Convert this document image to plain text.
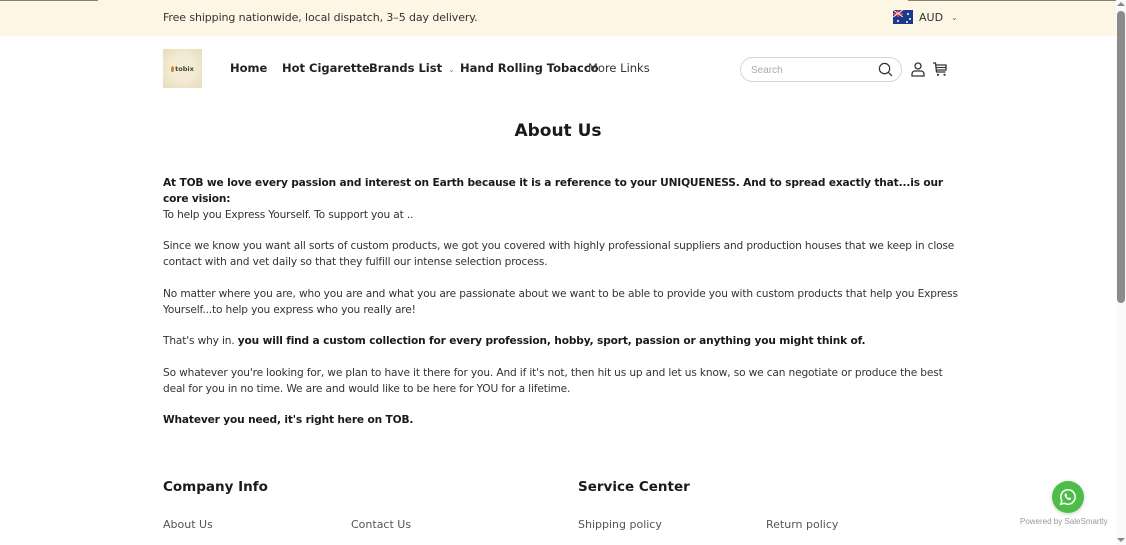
Free shipping nationwide, local dispatch, 3–5 day delivery.	AUD ⌄
tobix	Home Hot Cigarette Brands List ⌄ Hand Rolling Tobacco
More Links
Search
About Us

At TOB we love every passion and interest on Earth because it is a reference to your UNIQUENESS. And to spread exactly that...is our core vision:

To help you Express Yourself. To support you at ..

Since we know you want all sorts of custom products, we got you covered with highly professional suppliers and production houses that we keep in close contact with and vet daily so that they fulfill our intense selection process.

No matter where you are, who you are and what you are passionate about we want to be able to provide you with custom products that help you Express Yourself...to help you express who you really are!

That's why in. you will find a custom collection for every profession, hobby, sport, passion or anything you might think of.

So whatever you're looking for, we plan to have it there for you. And if it's not, then hit us up and let us know, so we can negotiate or produce the best deal for you in no time. We are and would like to be here for YOU for a lifetime.

Whatever you need, it's right here on TOB.

Company Info
About Us	Contact Us
Service Center
Shipping policy	Return policy	Powered by SaleSmartly
